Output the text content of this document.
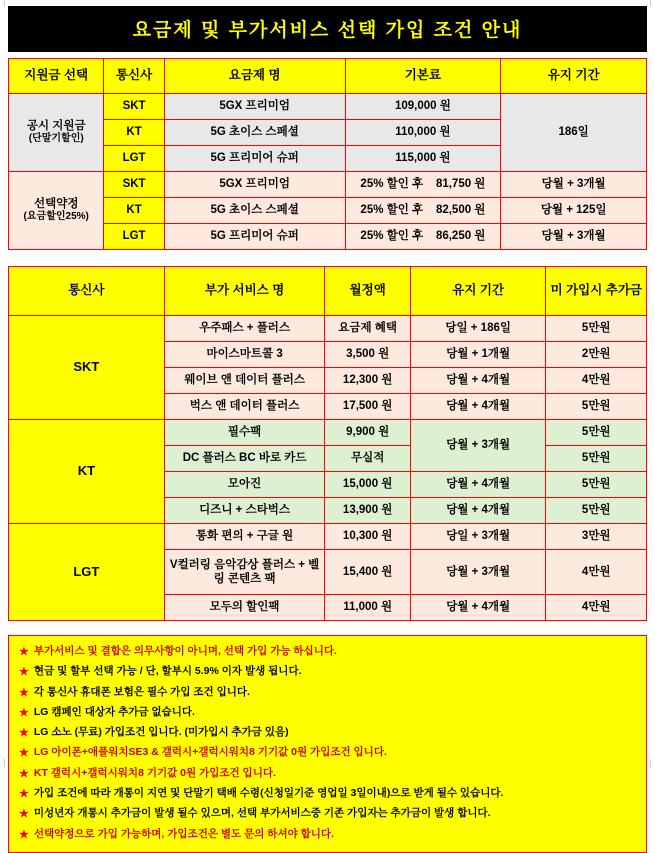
요금제 및 부가서비스 선택 가입 조건 안내
지원금 선택	통신사	요금제 명	기본료	유지 기간
공시 지원금
(단말기할인)	SKT	5GX 프리미엄	109,000 원	186일
	KT	5G 초이스 스페셜	110,000 원	
	LGT	5G 프리미어 슈퍼	115,000 원	
선택약정
(요금할인25%)	SKT	5GX 프리미엄	25% 할인 후 81,750 원	당월 + 3개월
	KT	5G 초이스 스페셜	25% 할인 후 82,500 원	당월 + 125일
	LGT	5G 프리미어 슈퍼	25% 할인 후 86,250 원	당월 + 3개월
통신사	부가 서비스 명	월정액	유지 기간	미 가입시 추가금
SKT	우주패스 + 플러스	요금제 혜택	당일 + 186일	5만원
	마이스마트콜 3	3,500 원	당월 + 1개월	2만원
	웨이브 앤 데이터 플러스	12,300 원	당월 + 4개월	4만원
	벅스 앤 데이터 플러스	17,500 원	당월 + 4개월	5만원
KT	필수팩	9,900 원	당월 + 3개월	5만원
	DC 플러스 BC 바로 카드	무실적		5만원
	모아진	15,000 원	당월 + 4개월	5만원
	디즈니 + 스타벅스	13,900 원	당월 + 4개월	5만원
LGT	통화 편의 + 구글 원	10,300 원	당일 + 3개월	3만원
	V컬러링 음악감상 플러스 + 벨링 콘텐츠 팩	15,400 원	당월 + 3개월	4만원
	모두의 할인팩	11,000 원	당월 + 4개월	4만원
★ 부가서비스 및 결합은 의무사항이 아니며, 선택 가입 가능 하십니다.
★ 현금 및 할부 선택 가능 / 단, 할부시 5.9% 이자 발생 됩니다.
★ 각 통신사 휴대폰 보험은 필수 가입 조건 입니다.
★ LG 캠페인 대상자 추가금 없습니다.
★ LG 소노 (무료) 가입조건 입니다. (미가입시 추가금 있음)
★ LG 아이폰+애플워치SE3 & 갤럭시+갤럭시워치8 기기값 0원 가입조건 입니다.
★ KT 갤럭시+갤럭시워치8 기기값 0원 가입조건 입니다.
★ 가입 조건에 따라 개통이 지연 및 단말기 택배 수령(신청일기준 영업일 3일이내)으로 받게 될수 있습니다.
★ 미성년자 개통시 추가금이 발생 될수 있으며, 선택 부가서비스중 기존 가입자는 추가금이 발생 합니다.
★ 선택약정으로 가입 가능하며, 가입조건은 별도 문의 하셔야 합니다.
